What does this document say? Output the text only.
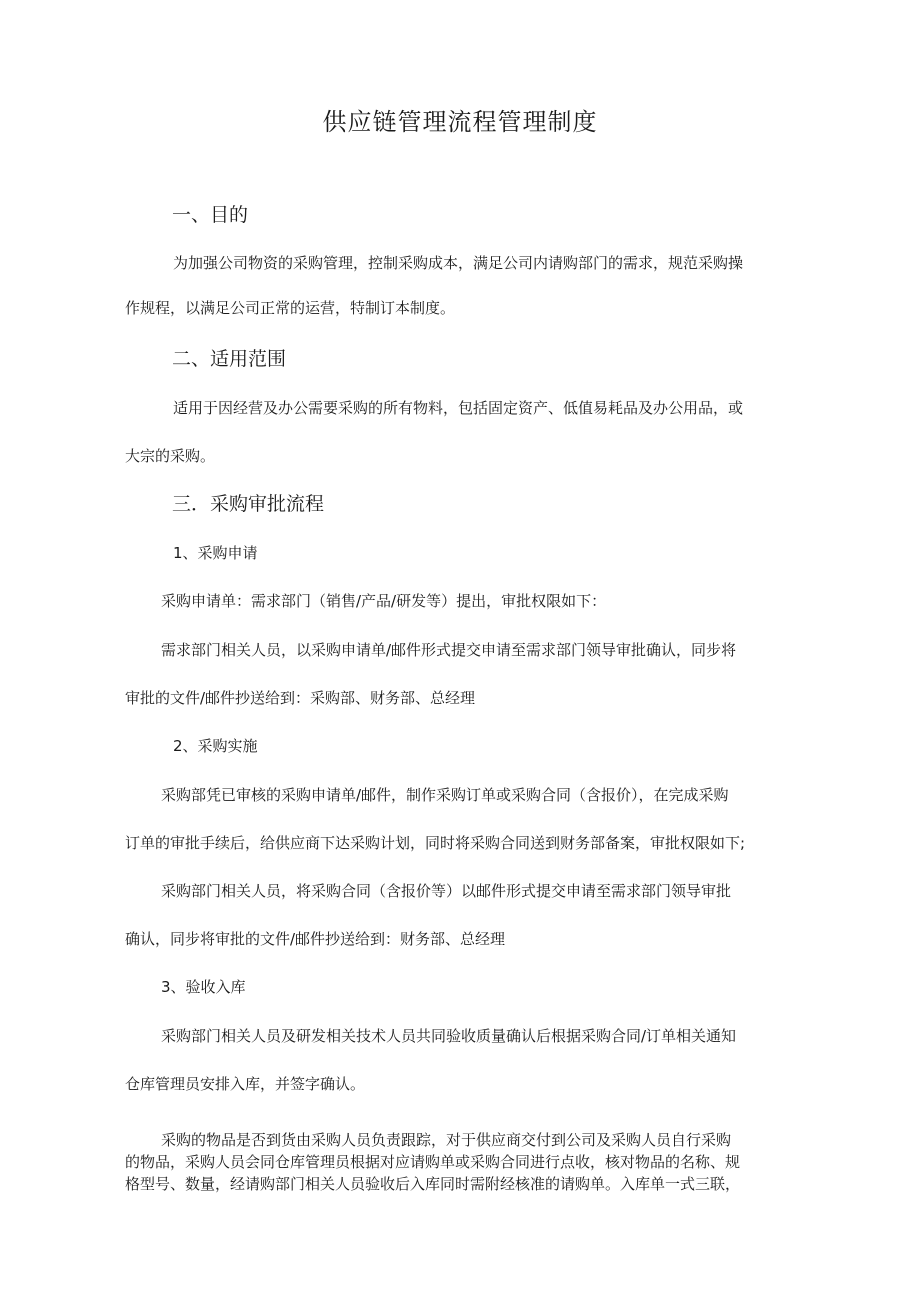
供应链管理流程管理制度
一、目的
为加强公司物资的采购管理，控制采购成本，满足公司内请购部门的需求，规范采购操
作规程，以满足公司正常的运营，特制订本制度。
二、适用范围
适用于因经营及办公需要采购的所有物料，包括固定资产、低值易耗品及办公用品，或
大宗的采购。
三．采购审批流程
1、采购申请
采购申请单：需求部门（销售/产品/研发等）提出，审批权限如下：
需求部门相关人员，以采购申请单/邮件形式提交申请至需求部门领导审批确认，同步将
审批的文件/邮件抄送给到：采购部、财务部、总经理
2、采购实施
采购部凭已审核的采购申请单/邮件，制作采购订单或采购合同（含报价），在完成采购
订单的审批手续后，给供应商下达采购计划，同时将采购合同送到财务部备案，审批权限如下;
采购部门相关人员，将采购合同（含报价等）以邮件形式提交申请至需求部门领导审批
确认，同步将审批的文件/邮件抄送给到：财务部、总经理
3、验收入库
采购部门相关人员及研发相关技术人员共同验收质量确认后根据采购合同/订单相关通知
仓库管理员安排入库，并签字确认。
采购的物品是否到货由采购人员负责跟踪，对于供应商交付到公司及采购人员自行采购
的物品，采购人员会同仓库管理员根据对应请购单或采购合同进行点收，核对物品的名称、规
格型号、数量，经请购部门相关人员验收后入库同时需附经核准的请购单。入库单一式三联，
